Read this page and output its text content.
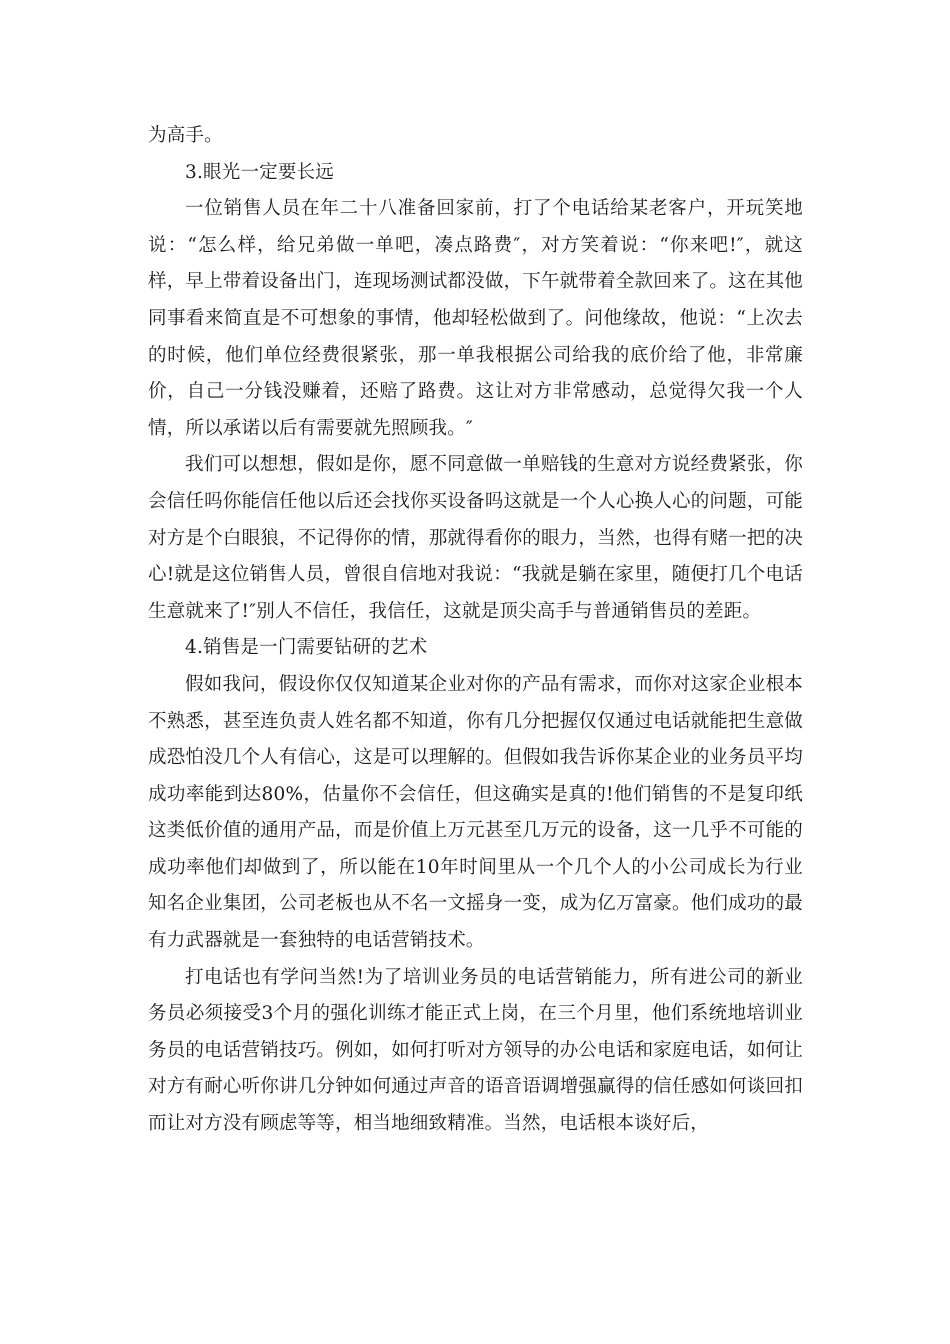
为高手。

3.眼光一定要长远

一位销售人员在年二十八准备回家前，打了个电话给某老客户，开玩笑地说：“怎么样，给兄弟做一单吧，凑点路费″，对方笑着说：“你来吧!″，就这样，早上带着设备出门，连现场测试都没做，下午就带着全款回来了。这在其他同事看来简直是不可想象的事情，他却轻松做到了。问他缘故，他说：“上次去的时候，他们单位经费很紧张，那一单我根据公司给我的底价给了他，非常廉价，自己一分钱没赚着，还赔了路费。这让对方非常感动，总觉得欠我一个人情，所以承诺以后有需要就先照顾我。″

我们可以想想，假如是你，愿不同意做一单赔钱的生意对方说经费紧张，你会信任吗你能信任他以后还会找你买设备吗这就是一个人心换人心的问题，可能对方是个白眼狼，不记得你的情，那就得看你的眼力，当然，也得有赌一把的决心!就是这位销售人员，曾很自信地对我说：“我就是躺在家里，随便打几个电话生意就来了!″别人不信任，我信任，这就是顶尖高手与普通销售员的差距。

4.销售是一门需要钻研的艺术

假如我问，假设你仅仅知道某企业对你的产品有需求，而你对这家企业根本不熟悉，甚至连负责人姓名都不知道，你有几分把握仅仅通过电话就能把生意做成恐怕没几个人有信心，这是可以理解的。但假如我告诉你某企业的业务员平均成功率能到达80%，估量你不会信任，但这确实是真的!他们销售的不是复印纸这类低价值的通用产品，而是价值上万元甚至几万元的设备，这一几乎不可能的成功率他们却做到了，所以能在10年时间里从一个几个人的小公司成长为行业知名企业集团，公司老板也从不名一文摇身一变，成为亿万富豪。他们成功的最有力武器就是一套独特的电话营销技术。

打电话也有学问当然!为了培训业务员的电话营销能力，所有进公司的新业务员必须接受3个月的强化训练才能正式上岗，在三个月里，他们系统地培训业务员的电话营销技巧。例如，如何打听对方领导的办公电话和家庭电话，如何让对方有耐心听你讲几分钟如何通过声音的语音语调增强赢得的信任感如何谈回扣而让对方没有顾虑等等，相当地细致精准。当然，电话根本谈好后，
